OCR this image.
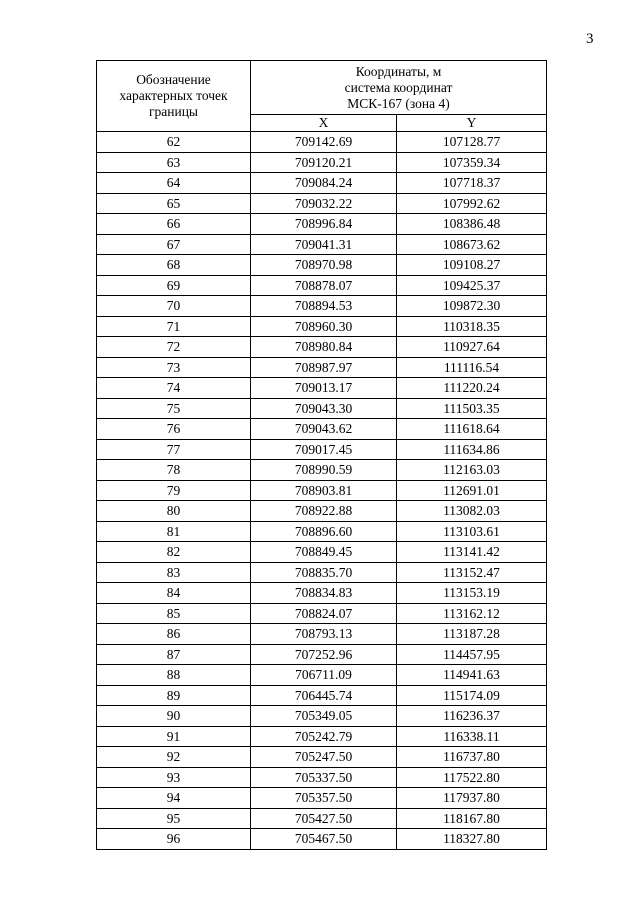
3
Обозначение
характерных точек
границы	Координаты, м
система координат
МСК-167 (зона 4)	

	X	Y
62	709142.69	107128.77
63	709120.21	107359.34
64	709084.24	107718.37
65	709032.22	107992.62
66	708996.84	108386.48
67	709041.31	108673.62
68	708970.98	109108.27
69	708878.07	109425.37
70	708894.53	109872.30
71	708960.30	110318.35
72	708980.84	110927.64
73	708987.97	111116.54
74	709013.17	111220.24
75	709043.30	111503.35
76	709043.62	111618.64
77	709017.45	111634.86
78	708990.59	112163.03
79	708903.81	112691.01
80	708922.88	113082.03
81	708896.60	113103.61
82	708849.45	113141.42
83	708835.70	113152.47
84	708834.83	113153.19
85	708824.07	113162.12
86	708793.13	113187.28
87	707252.96	114457.95
88	706711.09	114941.63
89	706445.74	115174.09
90	705349.05	116236.37
91	705242.79	116338.11
92	705247.50	116737.80
93	705337.50	117522.80
94	705357.50	117937.80
95	705427.50	118167.80
96	705467.50	118327.80
